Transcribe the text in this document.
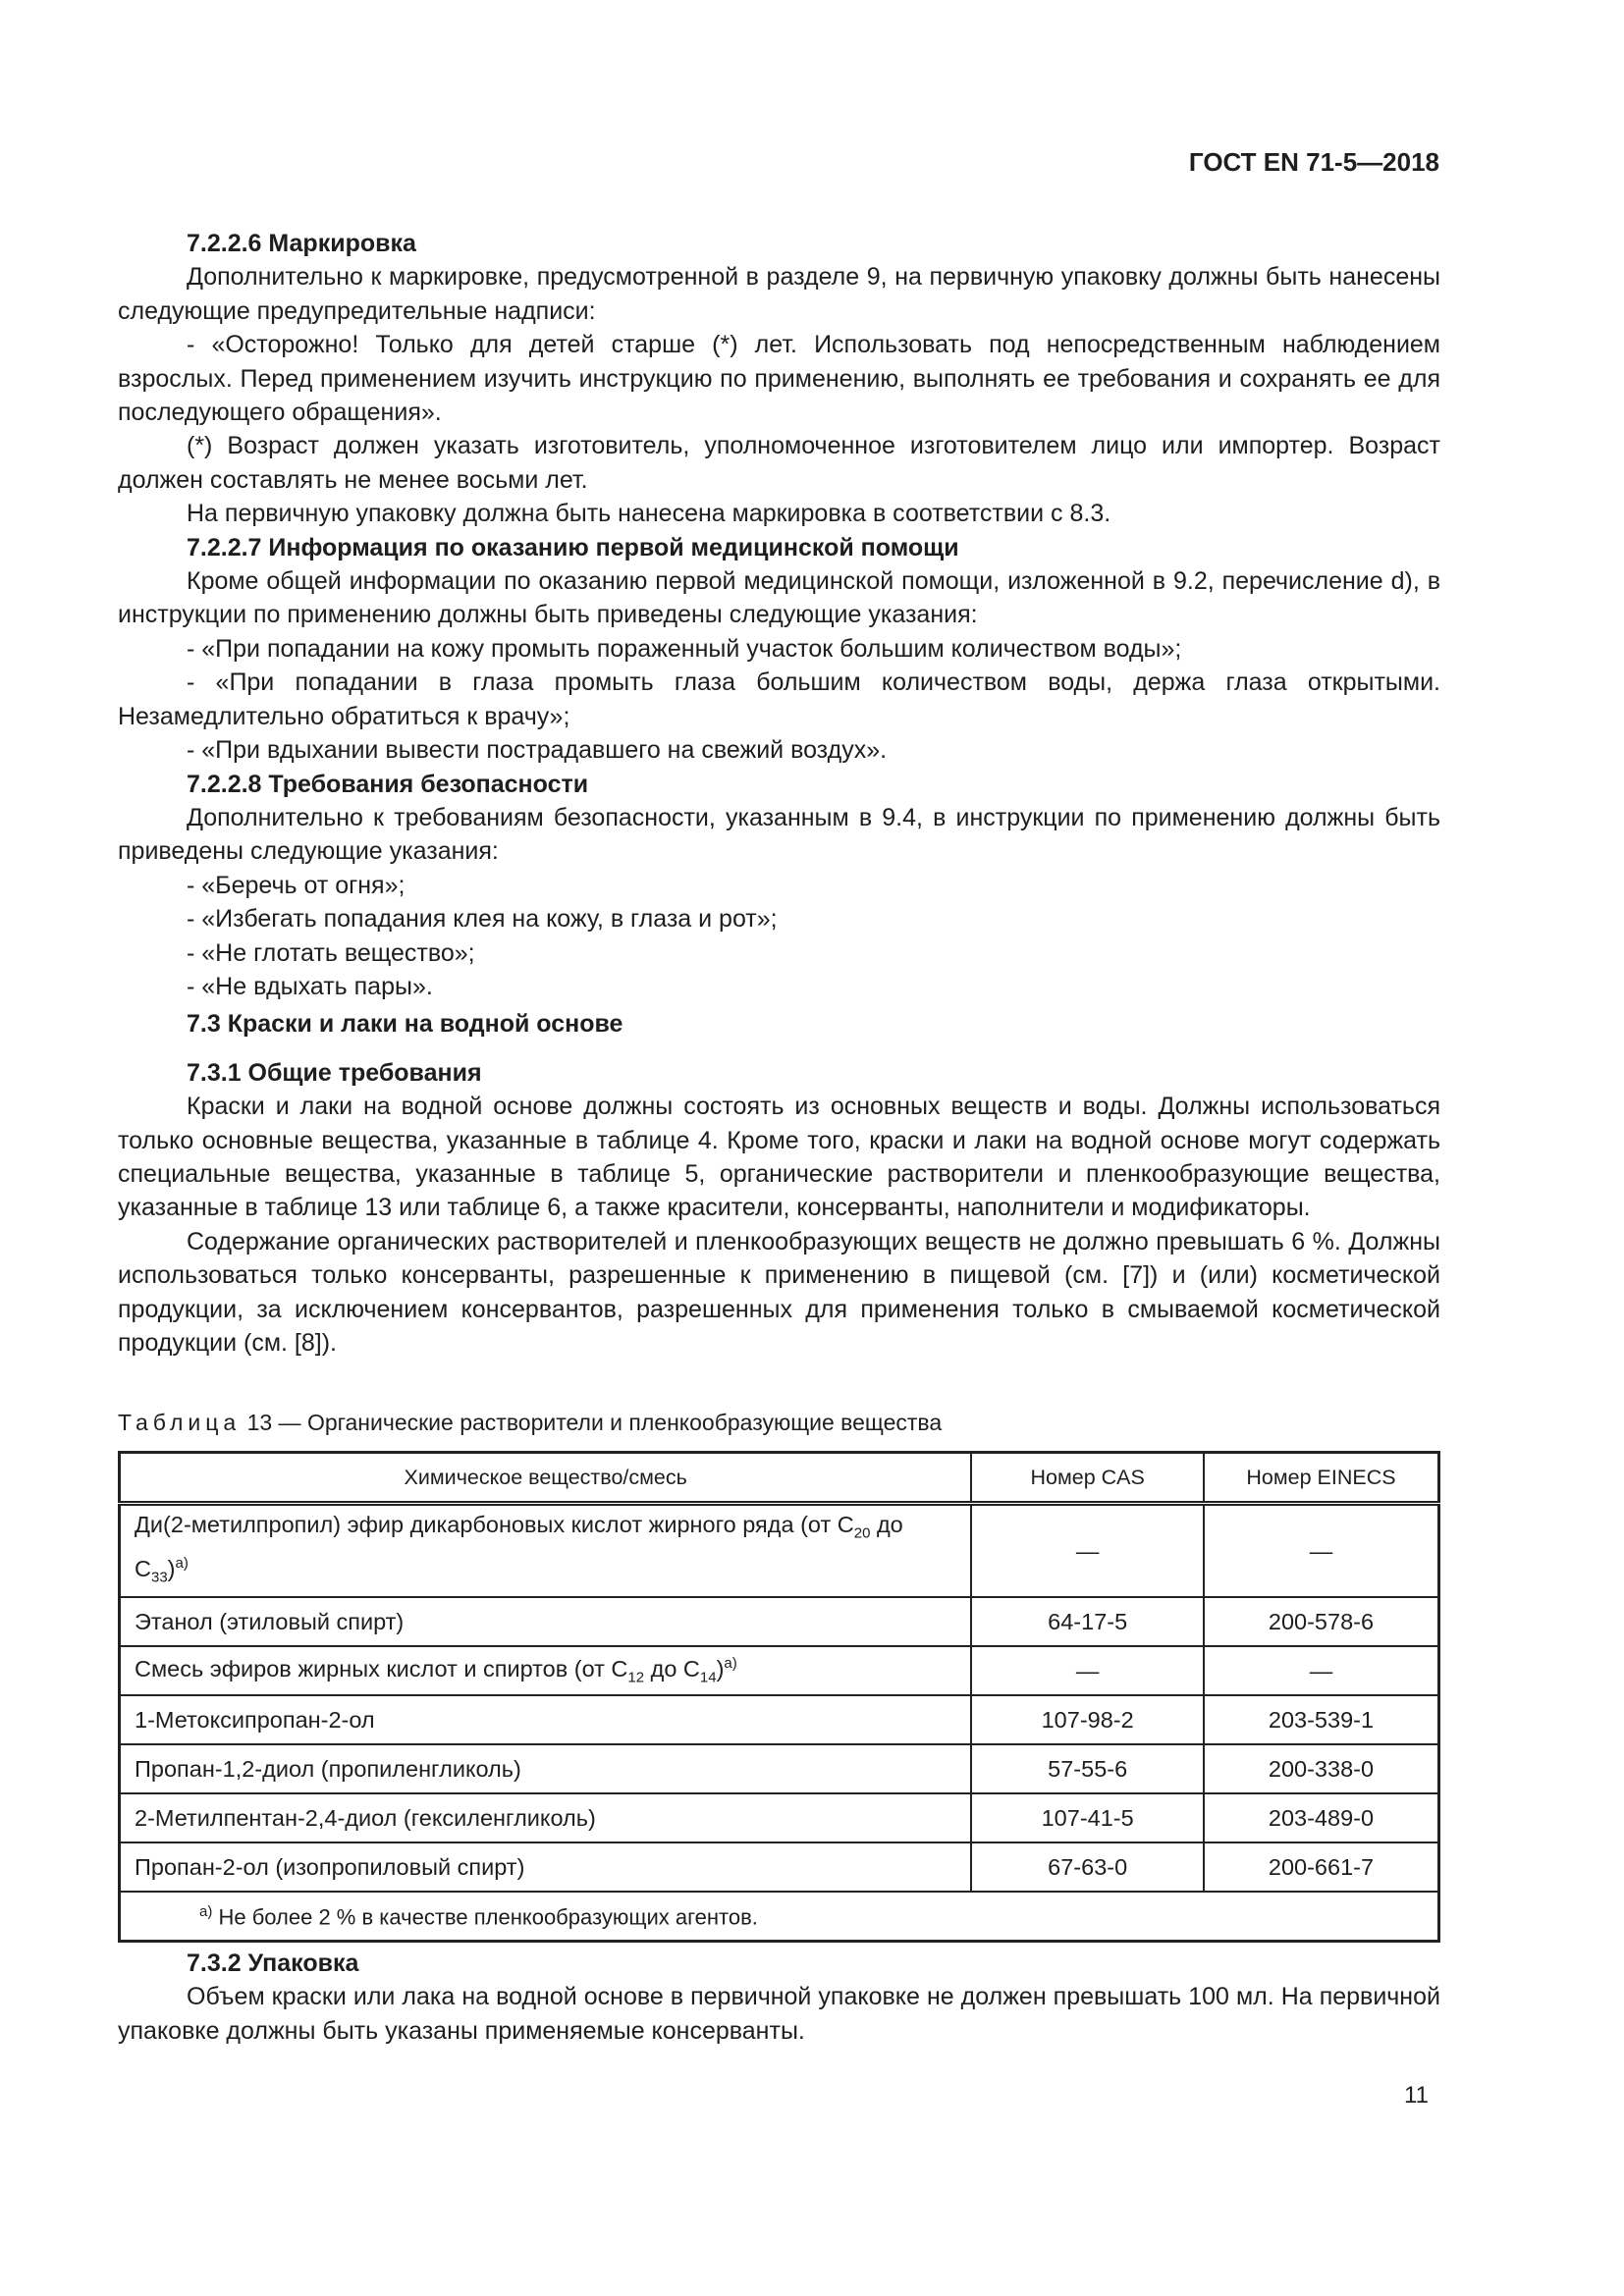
ГОСТ EN 71-5—2018

7.2.2.6 Маркировка

Дополнительно к маркировке, предусмотренной в разделе 9, на первичную упаковку должны быть нанесены следующие предупредительные надписи:

- «Осторожно! Только для детей старше (*) лет. Использовать под непосредственным наблюдением взрослых. Перед применением изучить инструкцию по применению, выполнять ее требования и сохранять ее для последующего обращения».

(*) Возраст должен указать изготовитель, уполномоченное изготовителем лицо или импортер. Возраст должен составлять не менее восьми лет.

На первичную упаковку должна быть нанесена маркировка в соответствии с 8.3.

7.2.2.7 Информация по оказанию первой медицинской помощи

Кроме общей информации по оказанию первой медицинской помощи, изложенной в 9.2, перечисление d), в инструкции по применению должны быть приведены следующие указания:

- «При попадании на кожу промыть пораженный участок большим количеством воды»;

- «При попадании в глаза промыть глаза большим количеством воды, держа глаза открытыми. Незамедлительно обратиться к врачу»;

- «При вдыхании вывести пострадавшего на свежий воздух».

7.2.2.8 Требования безопасности

Дополнительно к требованиям безопасности, указанным в 9.4, в инструкции по применению должны быть приведены следующие указания:

- «Беречь от огня»;

- «Избегать попадания клея на кожу, в глаза и рот»;

- «Не глотать вещество»;

- «Не вдыхать пары».

7.3 Краски и лаки на водной основе

7.3.1 Общие требования

Краски и лаки на водной основе должны состоять из основных веществ и воды. Должны использоваться только основные вещества, указанные в таблице 4. Кроме того, краски и лаки на водной основе могут содержать специальные вещества, указанные в таблице 5, органические растворители и пленкообразующие вещества, указанные в таблице 13 или таблице 6, а также красители, консерванты, наполнители и модификаторы.

Содержание органических растворителей и пленкообразующих веществ не должно превышать 6 %. Должны использоваться только консерванты, разрешенные к применению в пищевой (см. [7]) и (или) косметической продукции, за исключением консервантов, разрешенных для применения только в смываемой косметической продукции (см. [8]).

Таблица 13 — Органические растворители и пленкообразующие вещества
Химическое вещество/смесь	Номер CAS	Номер EINECS
Ди(2-метилпропил) эфир дикарбоновых кислот жирного ряда (от $C_{20}$ до $C_{33})^{а)}$	—	—
Этанол (этиловый спирт)	64-17-5	200-578-6
Смесь эфиров жирных кислот и спиртов (от $C_{12}$ до $C_{14})^{а)}$	—	—
1-Метоксипропан-2-ол	107-98-2	203-539-1
Пропан-1,2-диол (пропиленгликоль)	57-55-6	200-338-0
2-Метилпентан-2,4-диол (гексиленгликоль)	107-41-5	203-489-0
Пропан-2-ол (изопропиловый спирт)	67-63-0	200-661-7
$^{а)}$ Не более 2 % в качестве пленкообразующих агентов.		

7.3.2 Упаковка

Объем краски или лака на водной основе в первичной упаковке не должен превышать 100 мл. На первичной упаковке должны быть указаны применяемые консерванты.

11
